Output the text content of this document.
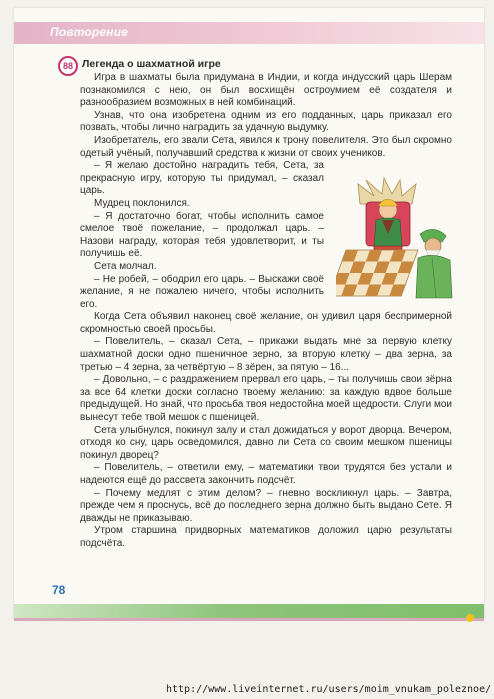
Повторение
88 Легенда о шахматной игре

Игра в шахматы была придумана в Индии, и когда индусский царь Шерам познакомился с нею, он был восхищён остроумием её создателя и разнообразием возможных в ней комбинаций.

Узнав, что она изобретена одним из его подданных, царь приказал его позвать, чтобы лично наградить за удачную выдумку.

Изобретатель, его звали Сета, явился к трону повелителя. Это был скромно одетый учёный, получавший средства к жизни от своих учеников.

– Я желаю достойно наградить тебя, Сета, за прекрасную игру, которую ты придумал, – сказал царь.

Мудрец поклонился.

– Я достаточно богат, чтобы исполнить самое смелое твоё пожелание, – продолжал царь. – Назови награду, которая тебя удовлетворит, и ты получишь её.

Сета молчал.

– Не робей, – ободрил его царь. – Выскажи своё желание, я не пожалею ничего, чтобы исполнить его.

Когда Сета объявил наконец своё желание, он удивил царя беспримерной скромностью своей просьбы.

– Повелитель, – сказал Сета, – прикажи выдать мне за первую клетку шахматной доски одно пшеничное зерно, за вторую клетку – два зерна, за третью – 4 зерна, за четвёртую – 8 зёрен, за пятую – 16...

– Довольно, – с раздражением прервал его царь, – ты получишь свои зёрна за все 64 клетки доски согласно твоему желанию: за каждую вдвое больше предыдущей. Но знай, что просьба твоя недостойна моей щедрости. Слуги мои вынесут тебе твой мешок с пшеницей.

Сета улыбнулся, покинул залу и стал дожидаться у ворот дворца. Вечером, отходя ко сну, царь осведомился, давно ли Сета со своим мешком пшеницы покинул дворец?

– Повелитель, – ответили ему, – математики твои трудятся без устали и надеются ещё до рассвета закончить подсчёт.

– Почему медлят с этим делом? – гневно воскликнул царь. – Завтра, прежде чем я проснусь, всё до последнего зерна должно быть выдано Сете. Я дважды не приказываю.

Утром старшина придворных математиков доложил царю результаты подсчёта.

78
http://www.liveinternet.ru/users/moim_vnukam_poleznoe/
